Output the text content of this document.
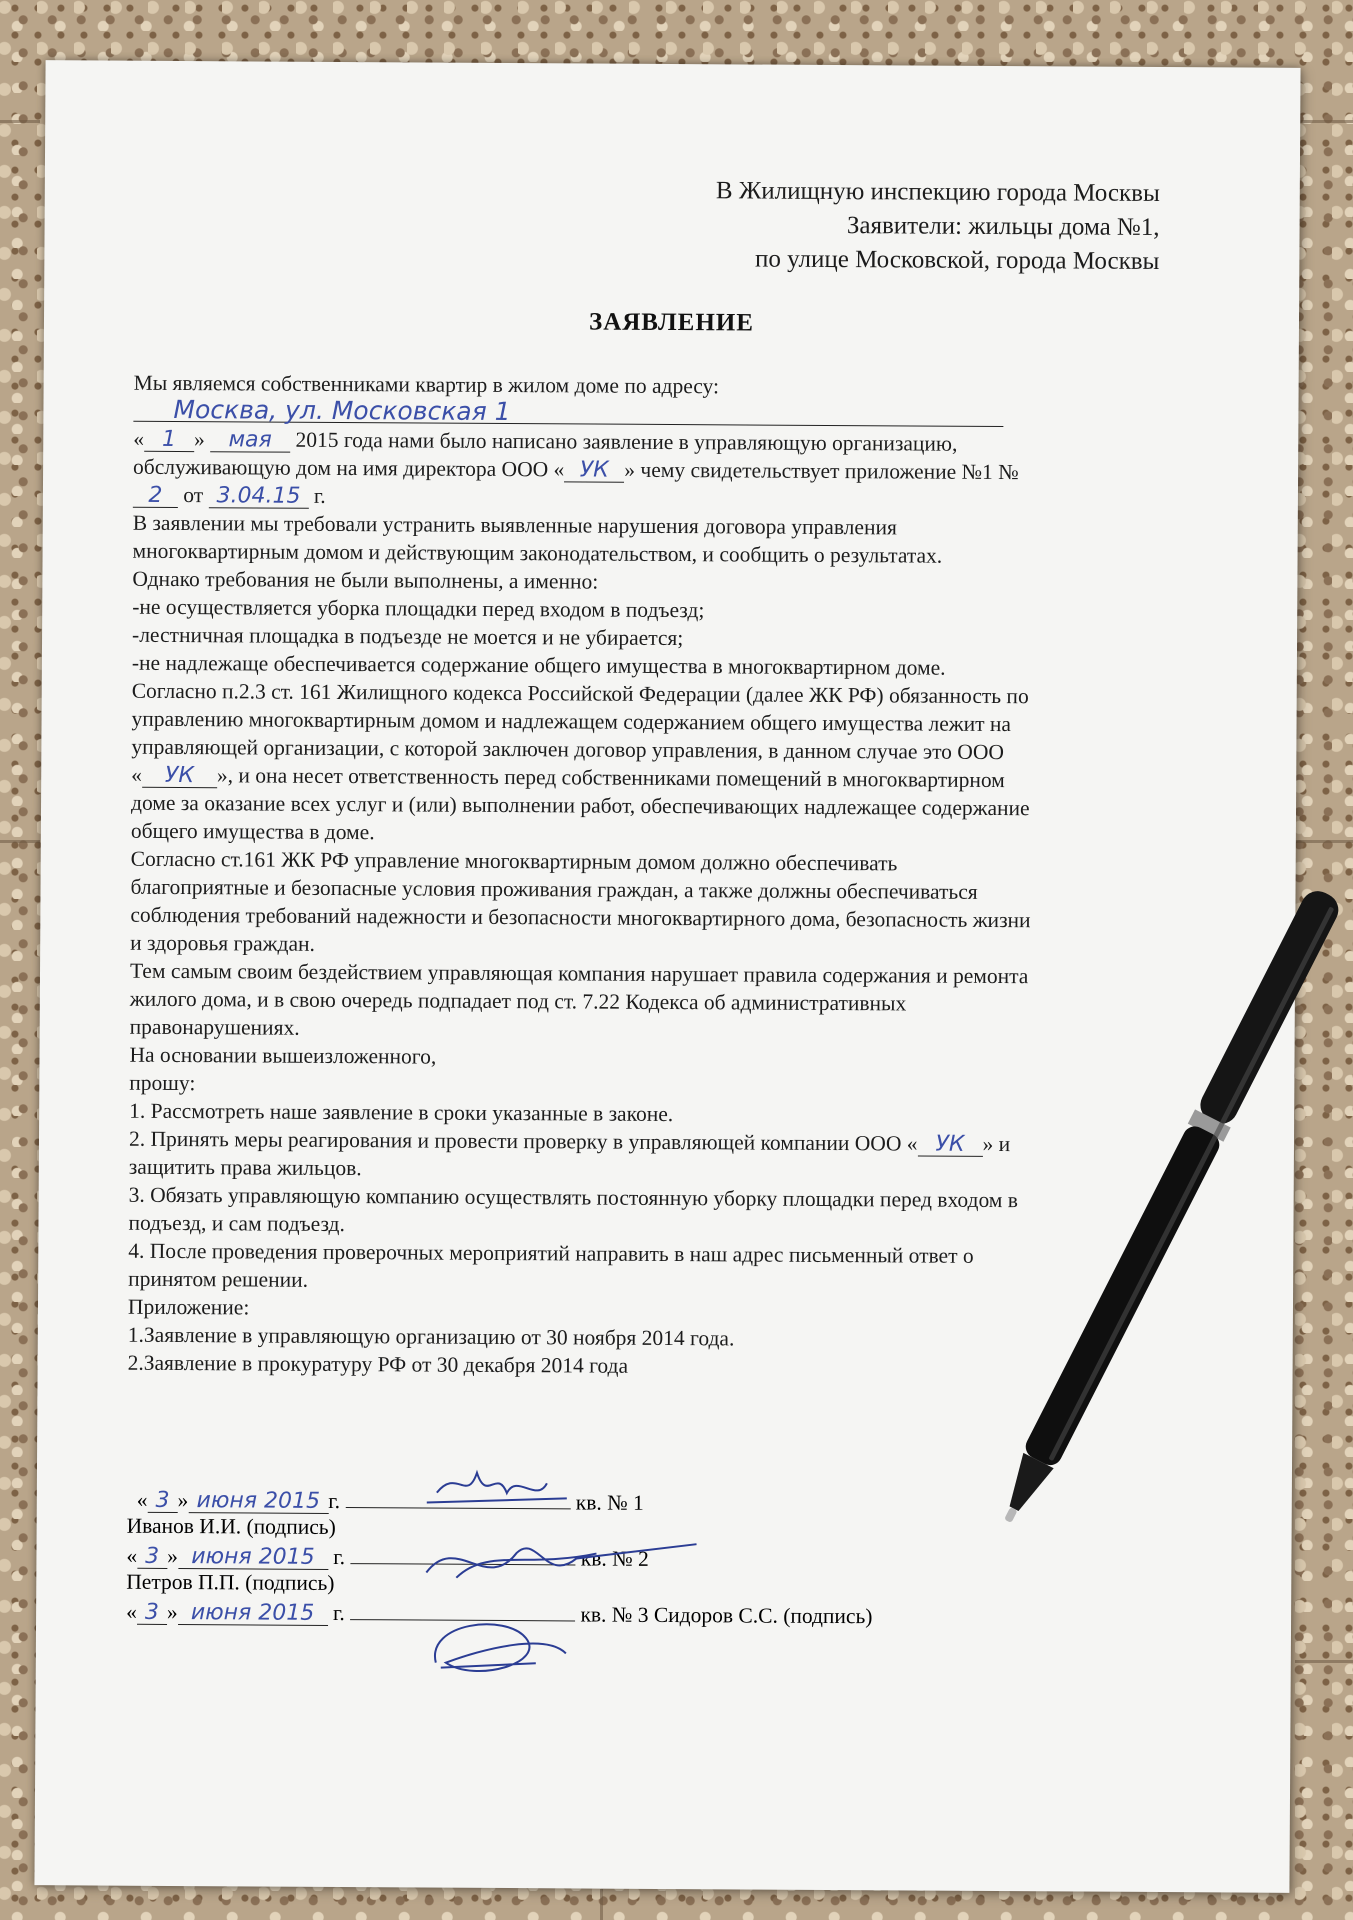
В Жилищную инспекцию города Москвы
Заявители: жильцы дома №1,
по улице Московской, города Москвы
ЗАЯВЛЕНИЕ
Мы являемся собственниками квартир в жилом доме по адресу:
Москва, ул. Московская 1
« 1 » мая 2015 года нами было написано заявление в управляющую организацию,
обслуживающую дом на имя директора ООО « УК » чему свидетельствует приложение №1 №
2 от 3.04.15 г.
В заявлении мы требовали устранить выявленные нарушения договора управления
многоквартирным домом и действующим законодательством, и сообщить о результатах.
Однако требования не были выполнены, а именно:
-не осуществляется уборка площадки перед входом в подъезд;
-лестничная площадка в подъезде не моется и не убирается;
-не надлежаще обеспечивается содержание общего имущества в многоквартирном доме.
Согласно п.2.3 ст. 161 Жилищного кодекса Российской Федерации (далее ЖК РФ) обязанность по
управлению многоквартирным домом и надлежащем содержанием общего имущества лежит на
управляющей организации, с которой заключен договор управления, в данном случае это ООО
« УК », и она несет ответственность перед собственниками помещений в многоквартирном
доме за оказание всех услуг и (или) выполнении работ, обеспечивающих надлежащее содержание
общего имущества в доме.
Согласно ст.161 ЖК РФ управление многоквартирным домом должно обеспечивать
благоприятные и безопасные условия проживания граждан, а также должны обеспечиваться
соблюдения требований надежности и безопасности многоквартирного дома, безопасность жизни
и здоровья граждан.
Тем самым своим бездействием управляющая компания нарушает правила содержания и ремонта
жилого дома, и в свою очередь подпадает под ст. 7.22 Кодекса об административных
правонарушениях.
На основании вышеизложенного,
прошу:
1. Рассмотреть наше заявление в сроки указанные в законе.
2. Принять меры реагирования и провести проверку в управляющей компании ООО « УК » и
защитить права жильцов.
3. Обязать управляющую компанию осуществлять постоянную уборку площадки перед входом в
подъезд, и сам подъезд.
4. После проведения проверочных мероприятий направить в наш адрес письменный ответ о
принятом решении.
Приложение:
1.Заявление в управляющую организацию от 30 ноября 2014 года.
2.Заявление в прокуратуру РФ от 30 декабря 2014 года
« 3 » июня 2015 г.	кв. № 1
Иванов И.И. (подпись)
« 3 » июня 2015 г.	кв. № 2
Петров П.П. (подпись)
« 3 » июня 2015 г.	кв. № 3 Сидоров С.С. (подпись)
